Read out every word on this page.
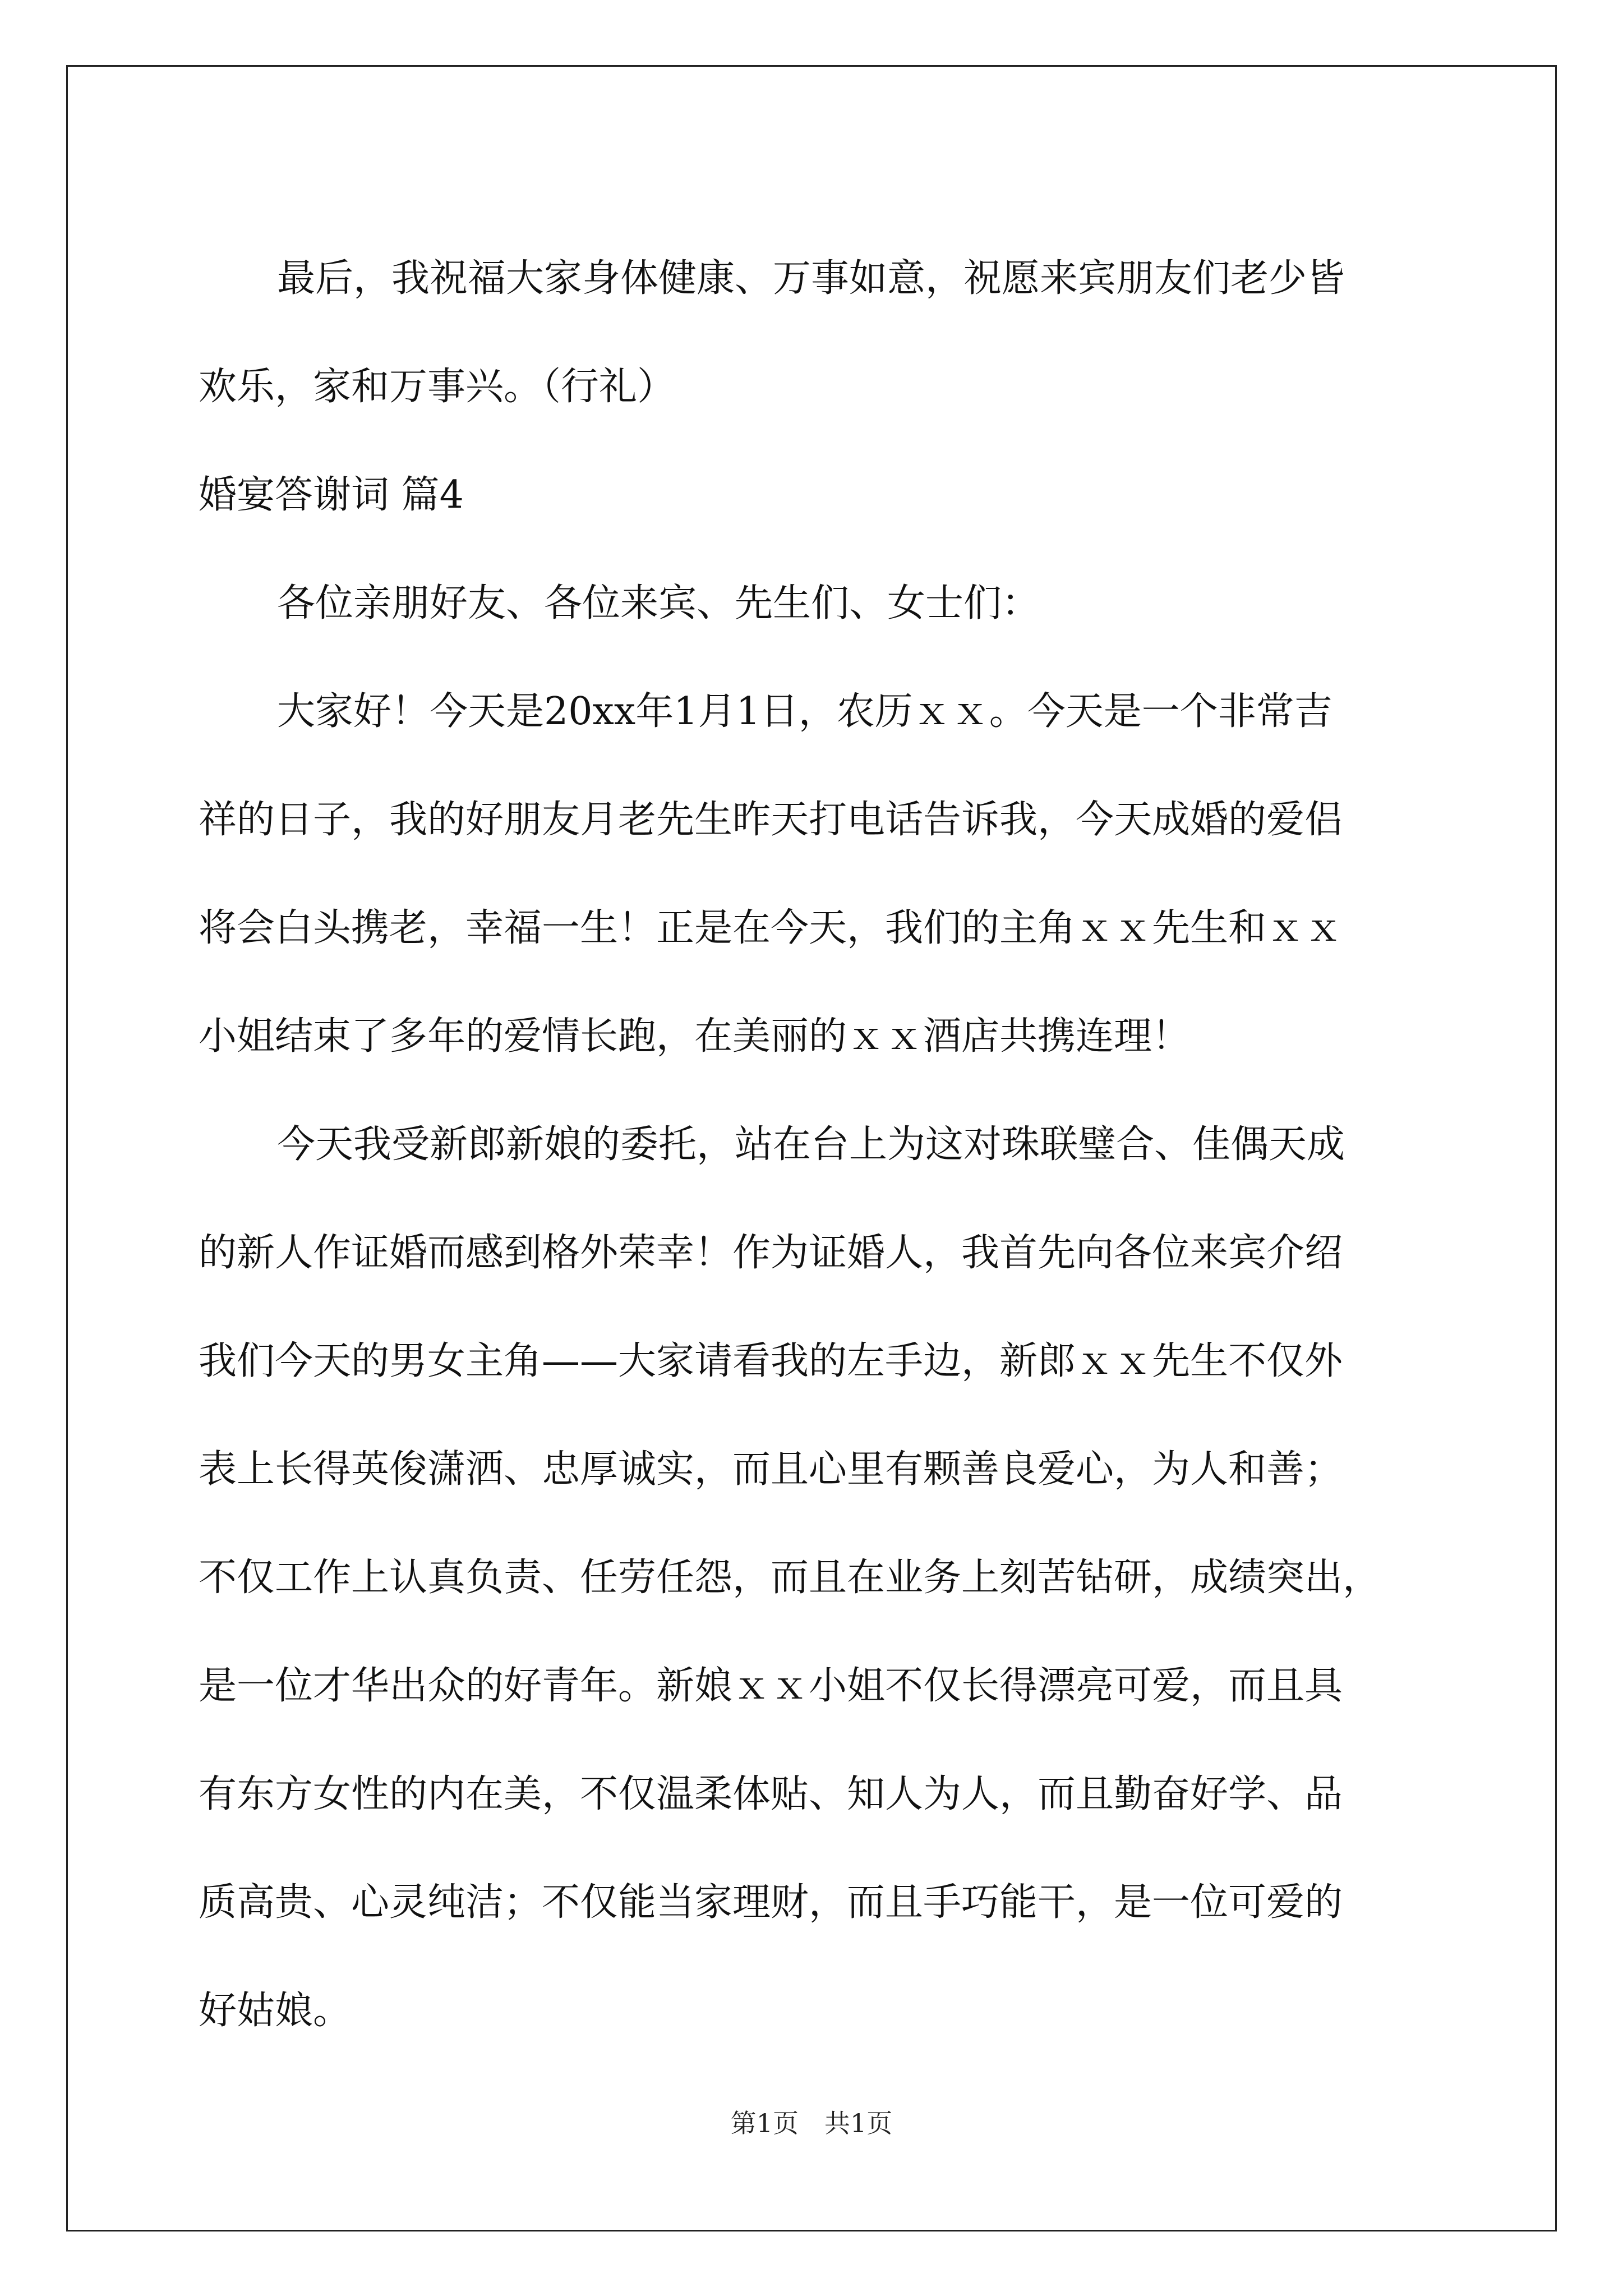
最后，我祝福大家身体健康、万事如意，祝愿来宾朋友们老少皆
欢乐，家和万事兴。（行礼）
婚宴答谢词 篇4
各位亲朋好友、各位来宾、先生们、女士们：
大家好！今天是20xx年1月1日，农历ｘｘ。今天是一个非常吉
祥的日子，我的好朋友月老先生昨天打电话告诉我，今天成婚的爱侣
将会白头携老，幸福一生！正是在今天，我们的主角ｘｘ先生和ｘｘ
小姐结束了多年的爱情长跑，在美丽的ｘｘ酒店共携连理！
今天我受新郎新娘的委托，站在台上为这对珠联璧合、佳偶天成
的新人作证婚而感到格外荣幸！作为证婚人，我首先向各位来宾介绍
我们今天的男女主角——大家请看我的左手边，新郎ｘｘ先生不仅外
表上长得英俊潇洒、忠厚诚实，而且心里有颗善良爱心，为人和善；
不仅工作上认真负责、任劳任怨，而且在业务上刻苦钻研，成绩突出，
是一位才华出众的好青年。新娘ｘｘ小姐不仅长得漂亮可爱，而且具
有东方女性的内在美，不仅温柔体贴、知人为人，而且勤奋好学、品
质高贵、心灵纯洁；不仅能当家理财，而且手巧能干，是一位可爱的
好姑娘。
第1页　共1页
